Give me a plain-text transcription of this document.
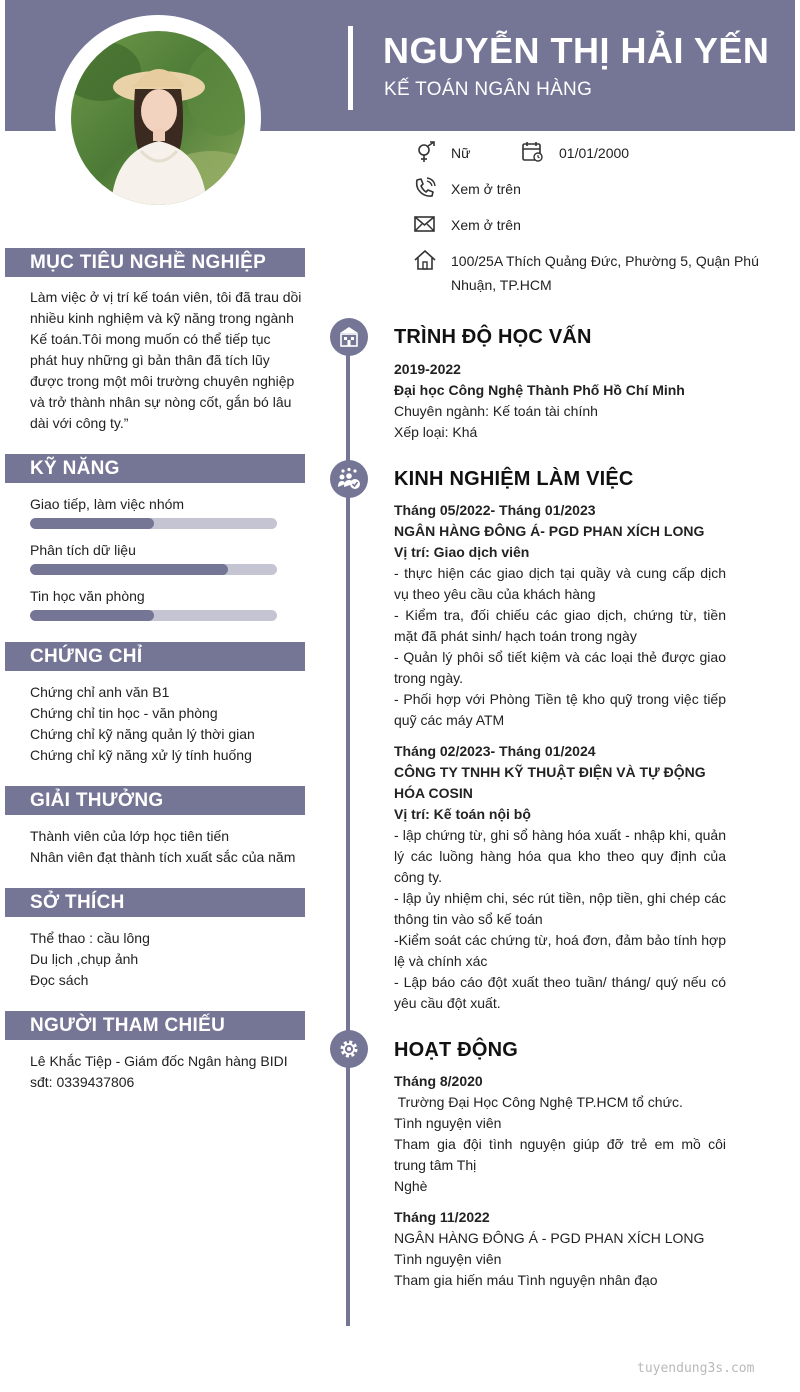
NGUYỄN THỊ HẢI YẾN
KẾ TOÁN NGÂN HÀNG
Nữ	01/01/2000
Xem ở trên
Xem ở trên
100/25A Thích Quảng Đức, Phường 5, Quận Phú
Nhuận, TP.HCM
MỤC TIÊU NGHỀ NGHIỆP
Làm việc ở vị trí kế toán viên, tôi đã trau dồi
nhiều kinh nghiệm và kỹ năng trong ngành
Kế toán.Tôi mong muốn có thể tiếp tục
phát huy những gì bản thân đã tích lũy
được trong một môi trường chuyên nghiệp
và trở thành nhân sự nòng cốt, gắn bó lâu
dài với công ty.”
KỸ NĂNG
Giao tiếp, làm việc nhóm
Phân tích dữ liệu
Tin học văn phòng
CHỨNG CHỈ
Chứng chỉ anh văn B1
Chứng chỉ tin học - văn phòng
Chứng chỉ kỹ năng quản lý thời gian
Chứng chỉ kỹ năng xử lý tính huống
GIẢI THƯỞNG
Thành viên của lớp học tiên tiến
Nhân viên đạt thành tích xuất sắc của năm
SỞ THÍCH
Thể thao : cầu lông
Du lịch ,chụp ảnh
Đọc sách
NGƯỜI THAM CHIẾU
Lê Khắc Tiệp - Giám đốc Ngân hàng BIDI
sđt: 0339437806
TRÌNH ĐỘ HỌC VẤN
2019-2022
Đại học Công Nghệ Thành Phố Hồ Chí Minh
Chuyên ngành: Kế toán tài chính
Xếp loại: Khá
KINH NGHIỆM LÀM VIỆC
Tháng 05/2022- Tháng 01/2023
NGÂN HÀNG ĐÔNG Á- PGD PHAN XÍCH LONG
Vị trí: Giao dịch viên
- thực hiện các giao dịch tại quầy và cung cấp dịch vụ theo yêu cầu của khách hàng
- Kiểm tra, đối chiếu các giao dịch, chứng từ, tiền mặt đã phát sinh/ hạch toán trong ngày
- Quản lý phôi sổ tiết kiệm và các loại thẻ được giao trong ngày.
- Phối hợp với Phòng Tiền tệ kho quỹ trong việc tiếp quỹ các máy ATM
Tháng 02/2023- Tháng 01/2024
CÔNG TY TNHH KỸ THUẬT ĐIỆN VÀ TỰ ĐỘNG HÓA COSIN
Vị trí: Kế toán nội bộ
- lập chứng từ, ghi sổ hàng hóa xuất - nhập khi, quản lý các luồng hàng hóa qua kho theo quy định của công ty.
- lập ủy nhiệm chi, séc rút tiền, nộp tiền, ghi chép các thông tin vào sổ kế toán
-Kiểm soát các chứng từ, hoá đơn, đảm bảo tính hợp lệ và chính xác
- Lập báo cáo đột xuất theo tuần/ tháng/ quý nếu có yêu cầu đột xuất.
HOẠT ĐỘNG
Tháng 8/2020
Trường Đại Học Công Nghệ TP.HCM tổ chức.
Tình nguyện viên
Tham gia đội tình nguyện giúp đỡ trẻ em mồ côi trung tâm Thị
Nghè
Tháng 11/2022
NGÂN HÀNG ĐÔNG Á - PGD PHAN XÍCH LONG
Tình nguyện viên
Tham gia hiến máu Tình nguyện nhân đạo
tuyendung3s.com
